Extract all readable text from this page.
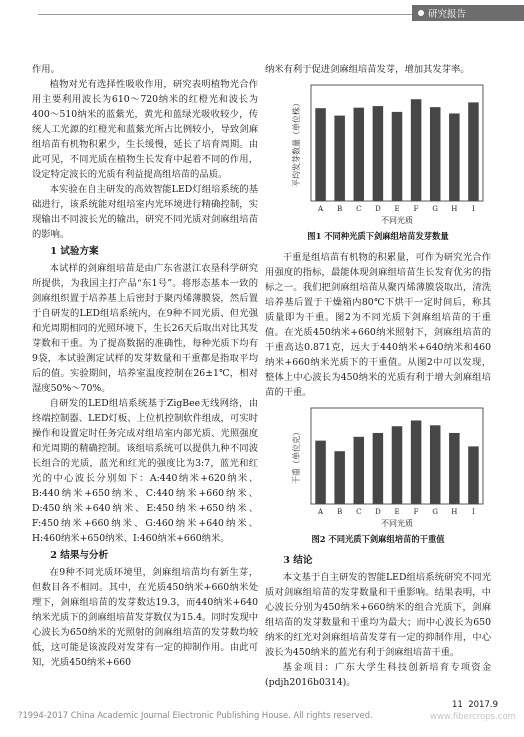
研究报告

作用。

植物对光有选择性吸收作用，研究表明植物光合作用主要利用波长为610～720纳米的红橙光和波长为400～510纳米的蓝紫光，黄光和蓝绿光吸收较少，传统人工光源的红橙光和蓝紫光所占比例较小，导致剑麻组培苗有机物积累少，生长缓慢，延长了培育周期。由此可见，不同光质在植物生长发育中起着不同的作用，设定特定波长的光质有利益提高组培苗的品质。

本实验在自主研发的高效智能LED灯组培系统的基础进行，该系统能对组培室内光环境进行精确控制，实现输出不同波长光的输出，研究不同光质对剑麻组培苗的影响。

1 试验方案

本试样的剑麻组培苗是由广东省湛江农垦科学研究所提供，为我国主打产品“东1号”。将形态基本一致的剑麻组织置于培养基上后密封于聚丙烯薄膜袋，然后置于自研发的LED组培系统内，在9种不同光质、但光强和光周期相同的光照环境下，生长26天后取出对比其发芽数和干重。为了提高数据的准确性，每种光质下均有9袋，本试验测定试样的发芽数量和干重都是指取平均后的值。实验期间，培养室温度控制在26±1℃，相对湿度50%～70%。

自研发的LED组培系统基于ZigBee无线网络，由终端控制器、LED灯板、上位机控制软件组成，可实时操作和设置定时任务完成对组培室内部光质、光照强度和光周期的精确控制。该组培系统可以提供九种不同波长组合的光质，蓝光和红光的强度比为3:7，蓝光和红光的中心波长分别如下：A:440纳米+620纳米、B:440纳米+650纳米、C:440纳米+660纳米、D:450纳米+640纳米、E:450纳米+650纳米、F:450纳米+660纳米、G:460纳米+640纳米、H:460纳米+650纳米、I:460纳米+660纳米。

2 结果与分析

在9种不同光质环境里，剑麻组培苗均有新生芽，但数目各不相同。其中，在光质450纳米+660纳米处理下，剑麻组培苗的发芽数达19.3，而440纳米+640纳米光质下的剑麻组培苗发芽数仅为15.4。同时发现中心波长为650纳米的光照射的剑麻组培苗的发芽数均较低，这可能是该波段对发芽有一定的抑制作用。由此可知，光质450纳米+660

纳米有利于促进剑麻组培苗发芽，增加其发芽率。

A B C D E F G H I
不同光质
平均发芽数量（单位株）
图1 不同种光质下剑麻组培苗发芽数量

干重是组培苗有机物的积累量，可作为研究光合作用强度的指标，最能体现剑麻组培苗生长发育优劣的指标之一。我们把剑麻组培苗从聚丙烯薄膜袋取出，清洗培养基后置于干燥箱内80℃下烘干一定时间后，称其质量即为干重。图2为不同光质下剑麻组培苗的干重值。在光质450纳米+660纳米照射下，剑麻组培苗的干重高达0.871克，远大于440纳米+640纳米和460纳米+660纳米光质下的干重值。从图2中可以发现，整体上中心波长为450纳米的光质有利于增大剑麻组培苗的干重。

A B C D E F G H I
不同光质
干重（单位克）
图2 不同光质下剑麻组培苗的干重值
3 结论

本文基于自主研发的智能LED组培系统研究不同光质对剑麻组培苗的发芽数量和干重影响。结果表明，中心波长分别为450纳米+660纳米的组合光质下，剑麻组培苗的发芽数量和干重均为最大；而中心波长为650纳米的红光对剑麻组培苗发芽有一定的抑制作用，中心波长为450纳米的蓝光有利于剑麻组培苗干重。

基金项目：广东大学生科技创新培育专项资金(pdjh2016b0314)。

11 2017.9
?1994-2017 China Academic Journal Electronic Publishing House. All rights reserved.	www.fibercrops.com
